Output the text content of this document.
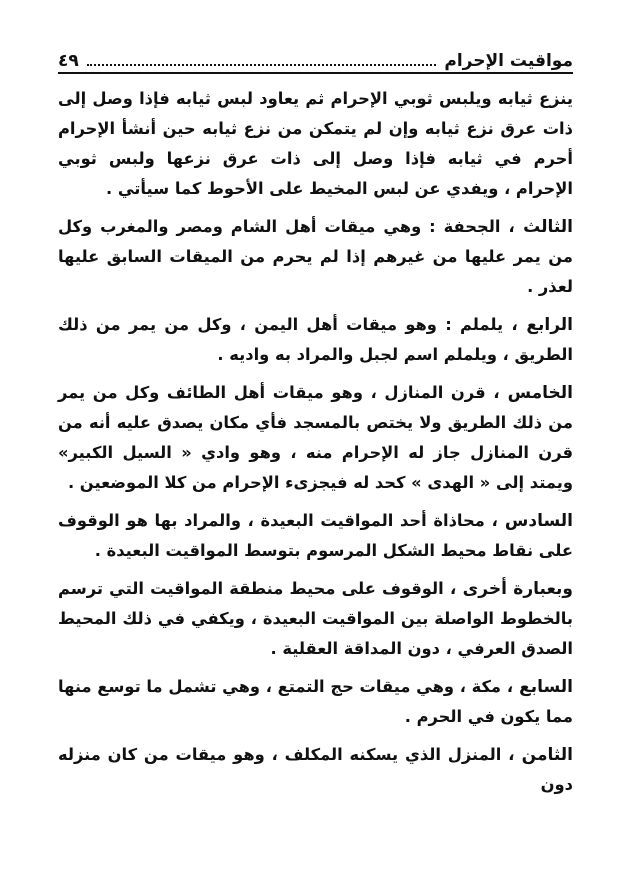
مواقيت الإحرام
٤٩

ينزع ثيابه ويلبس ثوبي الإحرام ثم يعاود لبس ثيابه فإذا وصل إلى ذات عرق نزع ثيابه وإن لم يتمكن من نزع ثيابه حين أنشأ الإحرام أحرم في ثيابه فإذا وصل إلى ذات عرق نزعها ولبس ثوبي الإحرام ، ويفدي عن لبس المخيط على الأحوط كما سيأتي .

الثالث ، الجحفة : وهي ميقات أهل الشام ومصر والمغرب وكل من يمر عليها من غيرهم إذا لم يحرم من الميقات السابق عليها لعذر .

الرابع ، يلملم : وهو ميقات أهل اليمن ، وكل من يمر من ذلك الطريق ، ويلملم اسم لجبل والمراد به واديه .

الخامس ، قرن المنازل ، وهو ميقات أهل الطائف وكل من يمر من ذلك الطريق ولا يختص بالمسجد فأي مكان يصدق عليه أنه من قرن المنازل جاز له الإحرام منه ، وهو وادي « السيل الكبير» ويمتد إلى « الهدى » كحد له فيجزىء الإحرام من كلا الموضعين .

السادس ، محاذاة أحد المواقيت البعيدة ، والمراد بها هو الوقوف على نقاط محيط الشكل المرسوم بتوسط المواقيت البعيدة .

وبعبارة أخرى ، الوقوف على محيط منطقة المواقيت التي ترسم بالخطوط الواصلة بين المواقيت البعيدة ، ويكفي في ذلك المحيط الصدق العرفي ، دون المداقة العقلية .

السابع ، مكة ، وهي ميقات حج التمتع ، وهي تشمل ما توسع منها مما يكون في الحرم .

الثامن ، المنزل الذي يسكنه المكلف ، وهو ميقات من كان منزله دون
